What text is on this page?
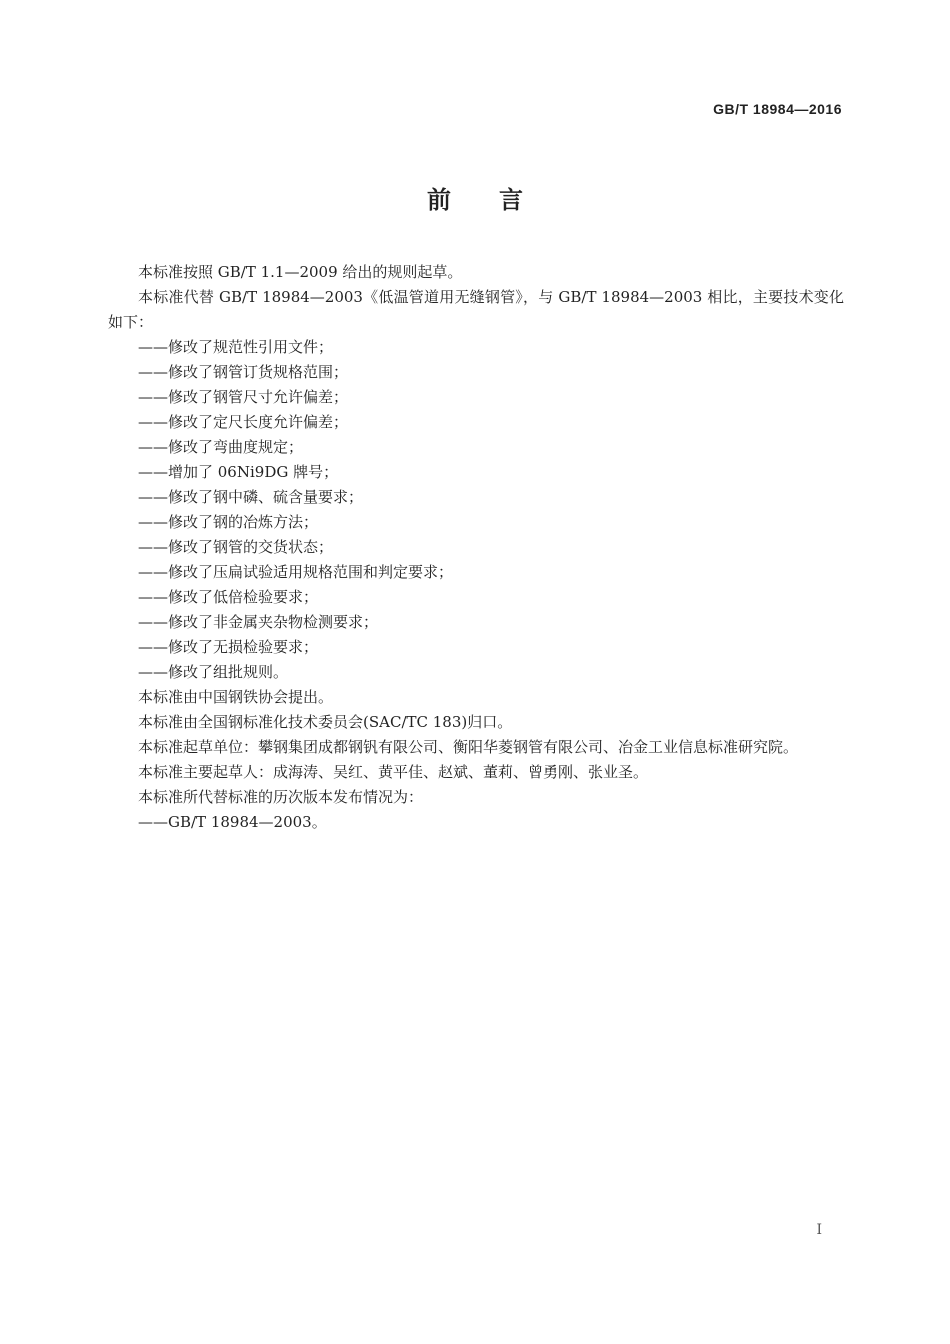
GB/T 18984—2016
前言

本标准按照 GB/T 1.1—2009 给出的规则起草。

本标准代替 GB/T 18984—2003《低温管道用无缝钢管》，与 GB/T 18984—2003 相比，主要技术变化如下：

——修改了规范性引用文件；

——修改了钢管订货规格范围；

——修改了钢管尺寸允许偏差；

——修改了定尺长度允许偏差；

——修改了弯曲度规定；

——增加了 06Ni9DG 牌号；

——修改了钢中磷、硫含量要求；

——修改了钢的冶炼方法；

——修改了钢管的交货状态；

——修改了压扁试验适用规格范围和判定要求；

——修改了低倍检验要求；

——修改了非金属夹杂物检测要求；

——修改了无损检验要求；

——修改了组批规则。

本标准由中国钢铁协会提出。

本标准由全国钢标准化技术委员会(SAC/TC 183)归口。

本标准起草单位：攀钢集团成都钢钒有限公司、衡阳华菱钢管有限公司、冶金工业信息标准研究院。

本标准主要起草人：成海涛、吴红、黄平佳、赵斌、董莉、曾勇刚、张业圣。

本标准所代替标准的历次版本发布情况为：

——GB/T 18984—2003。

I
